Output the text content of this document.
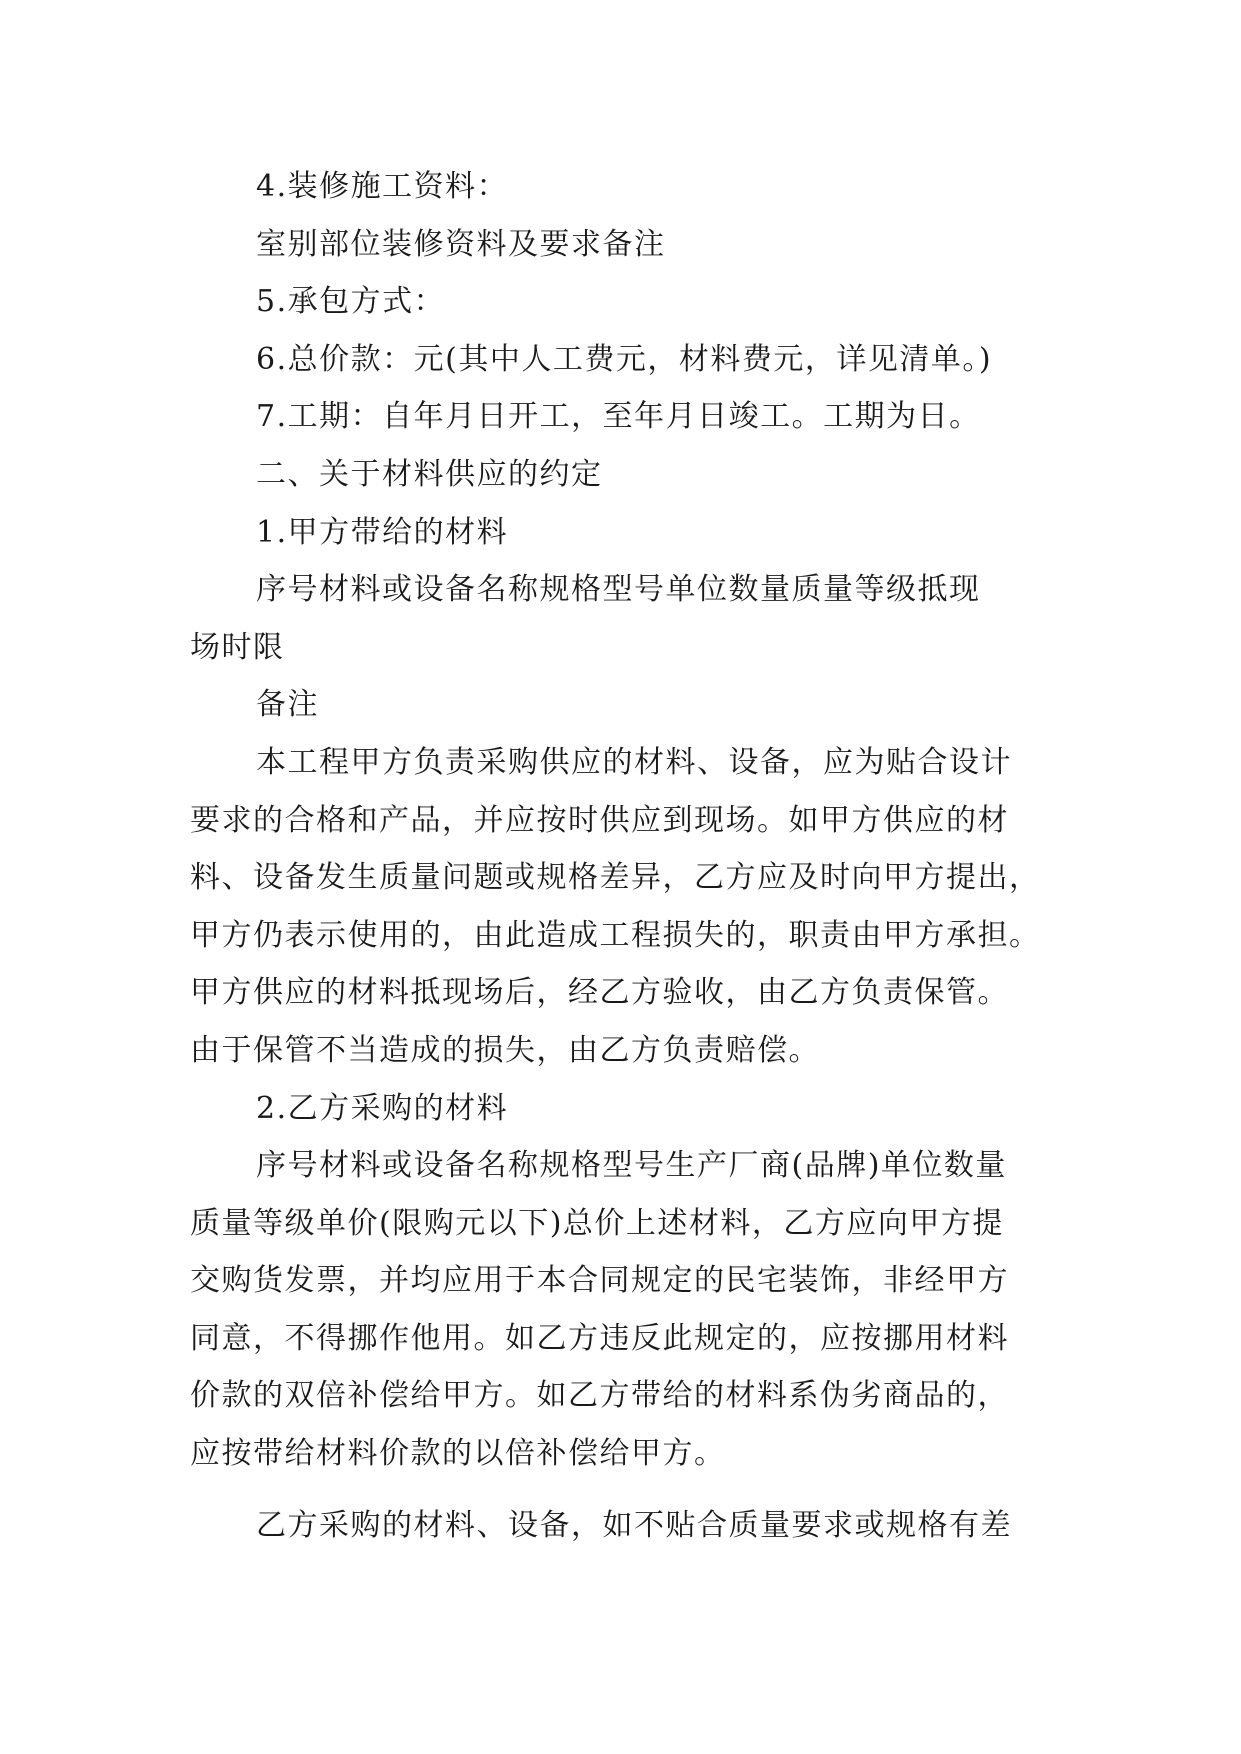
4.装修施工资料：
室别部位装修资料及要求备注
5.承包方式：
6.总价款：元(其中人工费元，材料费元，详见清单。)
7.工期：自年月日开工，至年月日竣工。工期为日。
二、关于材料供应的约定
1.甲方带给的材料
序号材料或设备名称规格型号单位数量质量等级抵现
场时限
备注
本工程甲方负责采购供应的材料、设备，应为贴合设计
要求的合格和产品，并应按时供应到现场。如甲方供应的材
料、设备发生质量问题或规格差异，乙方应及时向甲方提出，
甲方仍表示使用的，由此造成工程损失的，职责由甲方承担。
甲方供应的材料抵现场后，经乙方验收，由乙方负责保管。
由于保管不当造成的损失，由乙方负责赔偿。
2.乙方采购的材料
序号材料或设备名称规格型号生产厂商(品牌)单位数量
质量等级单价(限购元以下)总价上述材料，乙方应向甲方提
交购货发票，并均应用于本合同规定的民宅装饰，非经甲方
同意，不得挪作他用。如乙方违反此规定的，应按挪用材料
价款的双倍补偿给甲方。如乙方带给的材料系伪劣商品的，
应按带给材料价款的以倍补偿给甲方。
乙方采购的材料、设备，如不贴合质量要求或规格有差
